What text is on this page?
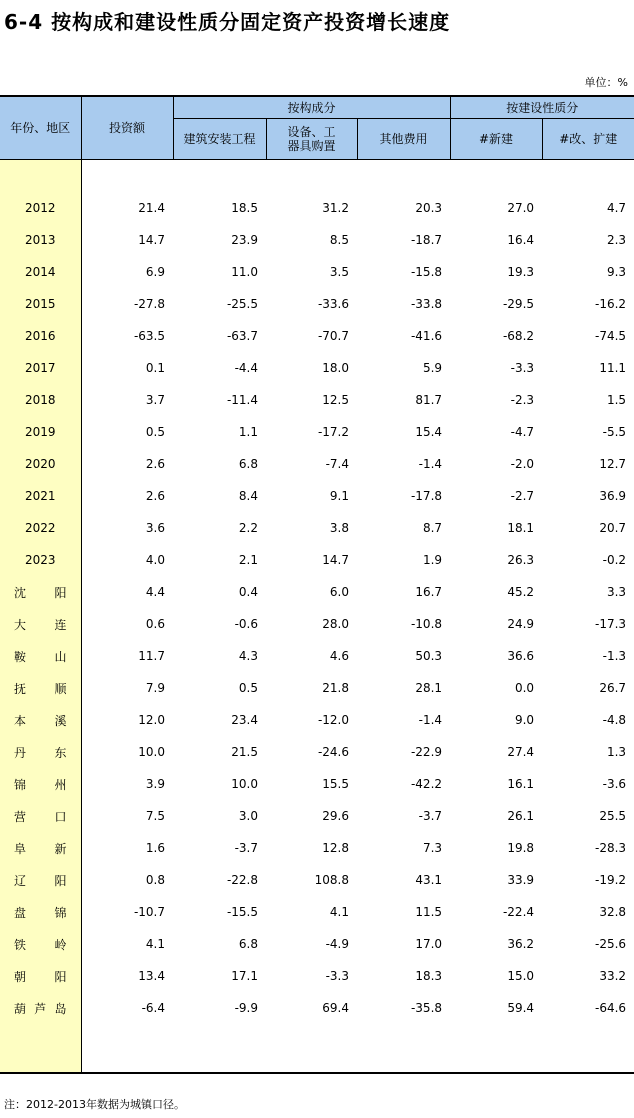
6-4 按构成和建设性质分固定资产投资增长速度
单位：%
年份、地区	投资额	按构成分			按建设性质分	
		建筑安装工程	设备、工器具购置	其他费用	#新建	#改、扩建

2012	21.4	18.5	31.2	20.3	27.0	4.7
2013	14.7	23.9	8.5	-18.7	16.4	2.3
2014	6.9	11.0	3.5	-15.8	19.3	9.3
2015	-27.8	-25.5	-33.6	-33.8	-29.5	-16.2
2016	-63.5	-63.7	-70.7	-41.6	-68.2	-74.5
2017	0.1	-4.4	18.0	5.9	-3.3	11.1
2018	3.7	-11.4	12.5	81.7	-2.3	1.5
2019	0.5	1.1	-17.2	15.4	-4.7	-5.5
2020	2.6	6.8	-7.4	-1.4	-2.0	12.7
2021	2.6	8.4	9.1	-17.8	-2.7	36.9
2022	3.6	2.2	3.8	8.7	18.1	20.7
2023	4.0	2.1	14.7	1.9	26.3	-0.2
沈阳	4.4	0.4	6.0	16.7	45.2	3.3
大连	0.6	-0.6	28.0	-10.8	24.9	-17.3
鞍山	11.7	4.3	4.6	50.3	36.6	-1.3
抚顺	7.9	0.5	21.8	28.1	0.0	26.7
本溪	12.0	23.4	-12.0	-1.4	9.0	-4.8
丹东	10.0	21.5	-24.6	-22.9	27.4	1.3
锦州	3.9	10.0	15.5	-42.2	16.1	-3.6
营口	7.5	3.0	29.6	-3.7	26.1	25.5
阜新	1.6	-3.7	12.8	7.3	19.8	-28.3
辽阳	0.8	-22.8	108.8	43.1	33.9	-19.2
盘锦	-10.7	-15.5	4.1	11.5	-22.4	32.8
铁岭	4.1	6.8	-4.9	17.0	36.2	-25.6
朝阳	13.4	17.1	-3.3	18.3	15.0	33.2
葫芦岛	-6.4	-9.9	69.4	-35.8	59.4	-64.6

注：2012-2013年数据为城镇口径。
